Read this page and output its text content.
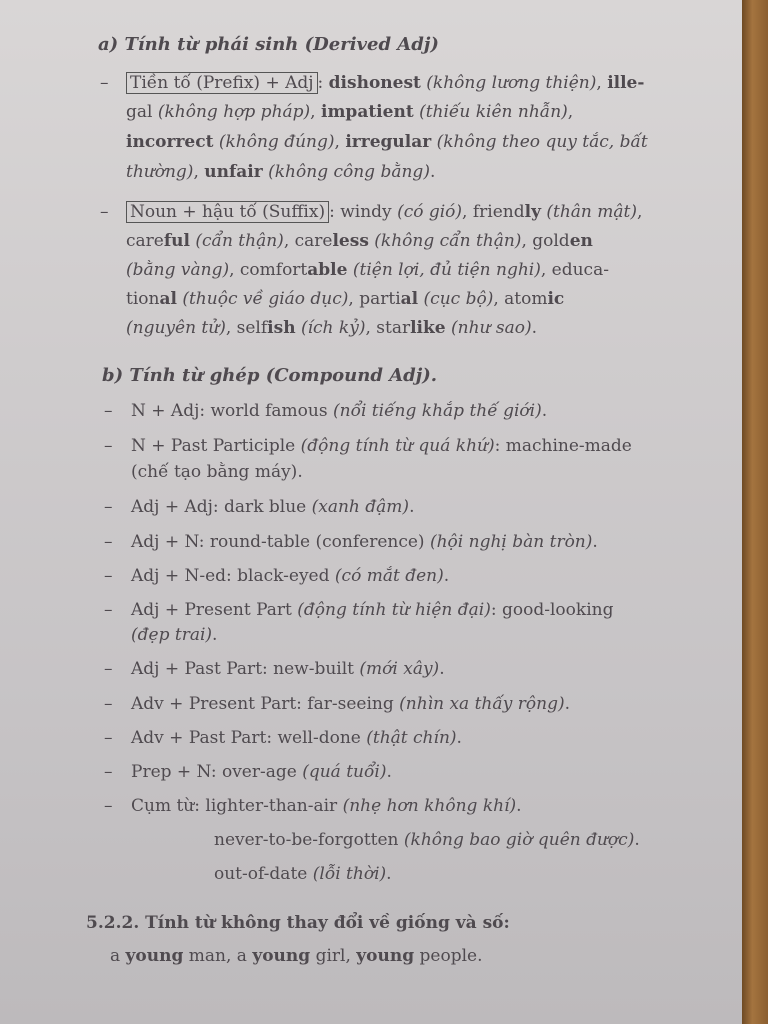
a) Tính từ phái sinh (Derived Adj)
– Tiền tố (Prefix) + Adj : dishonest (không lương thiện), ille-
gal (không hợp pháp), impatient (thiếu kiên nhẫn),
incorrect (không đúng), irregular (không theo quy tắc, bất
thường), unfair (không công bằng).
– Noun + hậu tố (Suffix) : windy (có gió), friendly (thân mật),
careful (cẩn thận), careless (không cẩn thận), golden
(bằng vàng), comfortable (tiện lợi, đủ tiện nghi), educa-
tional (thuộc về giáo dục), partial (cục bộ), atomic
(nguyên tử), selfish (ích kỷ), starlike (như sao).
b) Tính từ ghép (Compound Adj).
– N + Adj: world famous (nổi tiếng khắp thế giới).
– N + Past Participle (động tính từ quá khứ): machine-made
(chế tạo bằng máy).
– Adj + Adj: dark blue (xanh đậm).
– Adj + N: round-table (conference) (hội nghị bàn tròn).
– Adj + N-ed: black-eyed (có mắt đen).
– Adj + Present Part (động tính từ hiện đại): good-looking
(đẹp trai).
– Adj + Past Part: new-built (mới xây).
– Adv + Present Part: far-seeing (nhìn xa thấy rộng).
– Adv + Past Part: well-done (thật chín).
– Prep + N: over-age (quá tuổi).
– Cụm từ: lighter-than-air (nhẹ hơn không khí).
never-to-be-forgotten (không bao giờ quên được).
out-of-date (lỗi thời).
5.2.2. Tính từ không thay đổi về giống và số:
a young man, a young girl, young people.
